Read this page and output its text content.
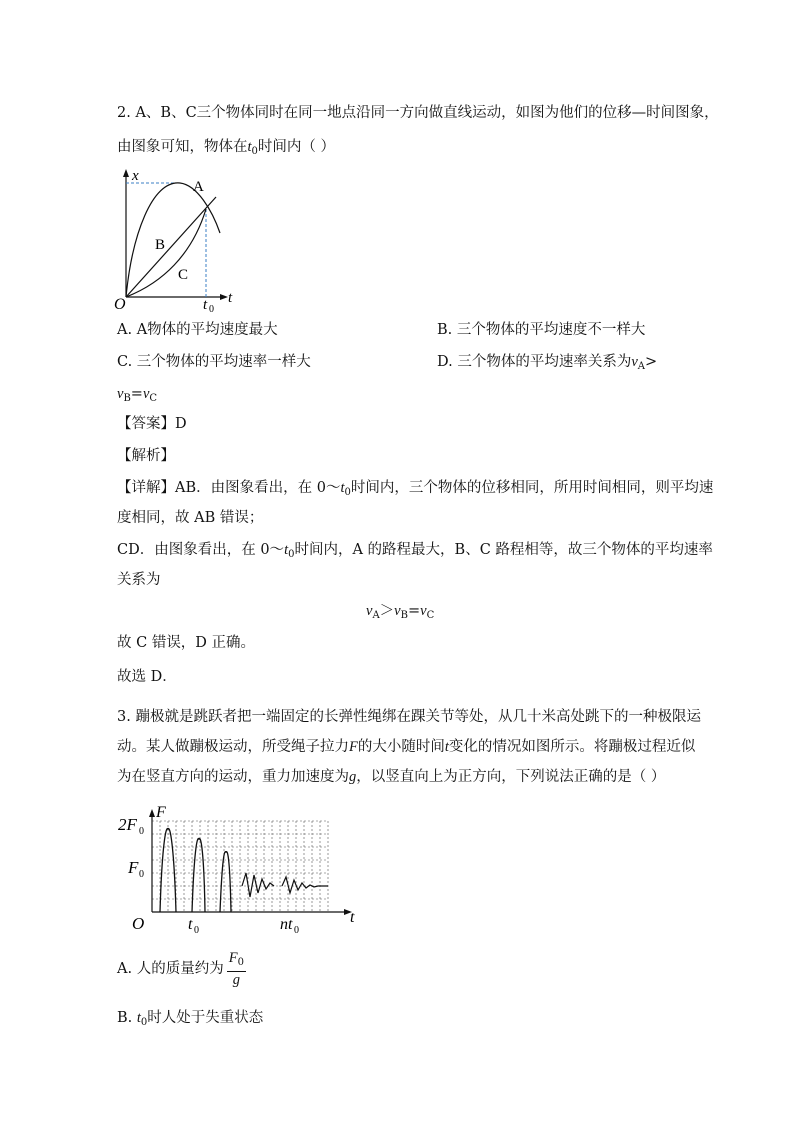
2. A、B、C三个物体同时在同一地点沿同一方向做直线运动，如图为他们的位移—时间图象，
由图象可知，物体在$t_0$时间内（ ）
x
A
B
C
O	t 0
t
A. A物体的平均速度最大	B. 三个物体的平均速度不一样大
C. 三个物体的平均速率一样大	D. 三个物体的平均速率关系为$v_A>$
$v_B=v_C$
【答案】D
【解析】
【详解】AB．由图象看出，在 $0\sim t_0$时间内，三个物体的位移相同，所用时间相同，则平均速
度相同，故 AB 错误；
CD．由图象看出，在 $0\sim t_0$时间内，A 的路程最大，B、C 路程相等，故三个物体的平均速率
关系为
$v_A>v_B=v_C$
故 C 错误，D 正确。
故选 D．
3. 蹦极就是跳跃者把一端固定的长弹性绳绑在踝关节等处，从几十米高处跳下的一种极限运
动。某人做蹦极运动，所受绳子拉力F的大小随时间t变化的情况如图所示。将蹦极过程近似
为在竖直方向的运动，重力加速度为g，以竖直向上为正方向，下列说法正确的是（ ）
2F 0
F 0
F
O	t 0	nt 0
t
A. 人的质量约为 $\frac{F_0}{g}$
B. $t_0$时人处于失重状态
